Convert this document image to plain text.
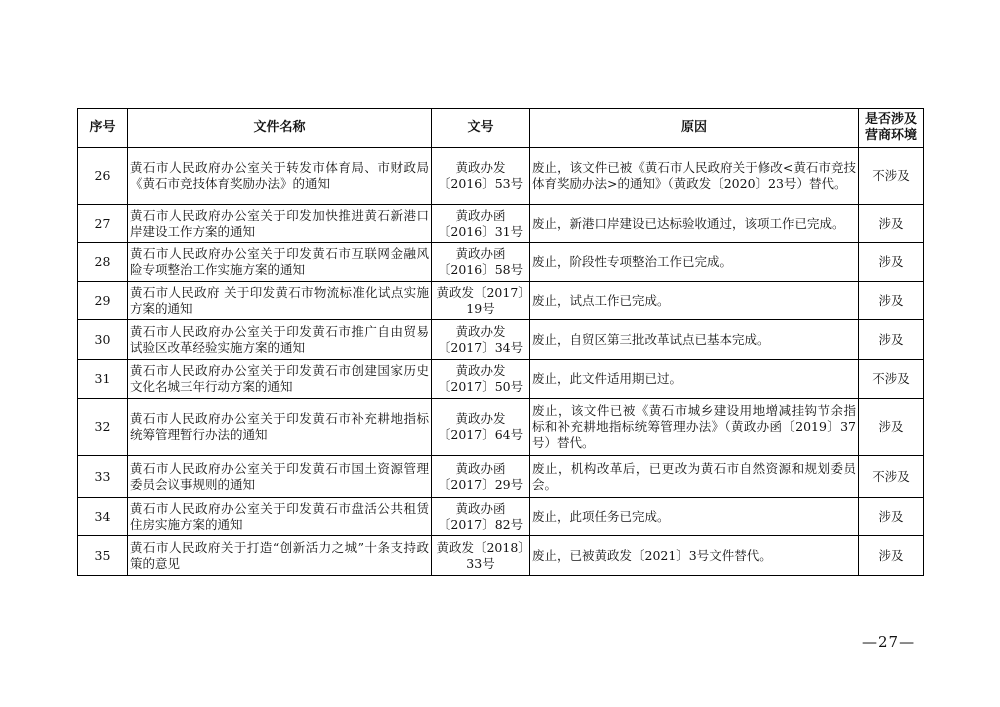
序号	文件名称	文号	原因	是否涉及
营商环境

26	黄石市人民政府办公室关于转发市体育局、市财政局《黄石市竞技体育奖励办法》的通知	黄政办发〔2016〕53号	废止，该文件已被《黄石市人民政府关于修改<黄石市竞技体育奖励办法>的通知》（黄政发〔2020〕23号）替代。	不涉及
27	黄石市人民政府办公室关于印发加快推进黄石新港口岸建设工作方案的通知	黄政办函〔2016〕31号	废止，新港口岸建设已达标验收通过，该项工作已完成。	涉及
28	黄石市人民政府办公室关于印发黄石市互联网金融风险专项整治工作实施方案的通知	黄政办函〔2016〕58号	废止，阶段性专项整治工作已完成。	涉及
29	黄石市人民政府 关于印发黄石市物流标准化试点实施方案的通知	黄政发〔2017〕19号	废止，试点工作已完成。	涉及
30	黄石市人民政府办公室关于印发黄石市推广自由贸易试验区改革经验实施方案的通知	黄政办发〔2017〕34号	废止，自贸区第三批改革试点已基本完成。	涉及
31	黄石市人民政府办公室关于印发黄石市创建国家历史文化名城三年行动方案的通知	黄政办发〔2017〕50号	废止，此文件适用期已过。	不涉及
32	黄石市人民政府办公室关于印发黄石市补充耕地指标统筹管理暂行办法的通知	黄政办发〔2017〕64号	废止，该文件已被《黄石市城乡建设用地增减挂钩节余指标和补充耕地指标统筹管理办法》（黄政办函〔2019〕37号）替代。	涉及
33	黄石市人民政府办公室关于印发黄石市国土资源管理委员会议事规则的通知	黄政办函〔2017〕29号	废止，机构改革后，已更改为黄石市自然资源和规划委员会。	不涉及
34	黄石市人民政府办公室关于印发黄石市盘活公共租赁住房实施方案的通知	黄政办函〔2017〕82号	废止，此项任务已完成。	涉及
35	黄石市人民政府关于打造“创新活力之城”十条支持政策的意见	黄政发〔2018〕33号	废止，已被黄政发〔2021〕3号文件替代。	涉及
—27—
